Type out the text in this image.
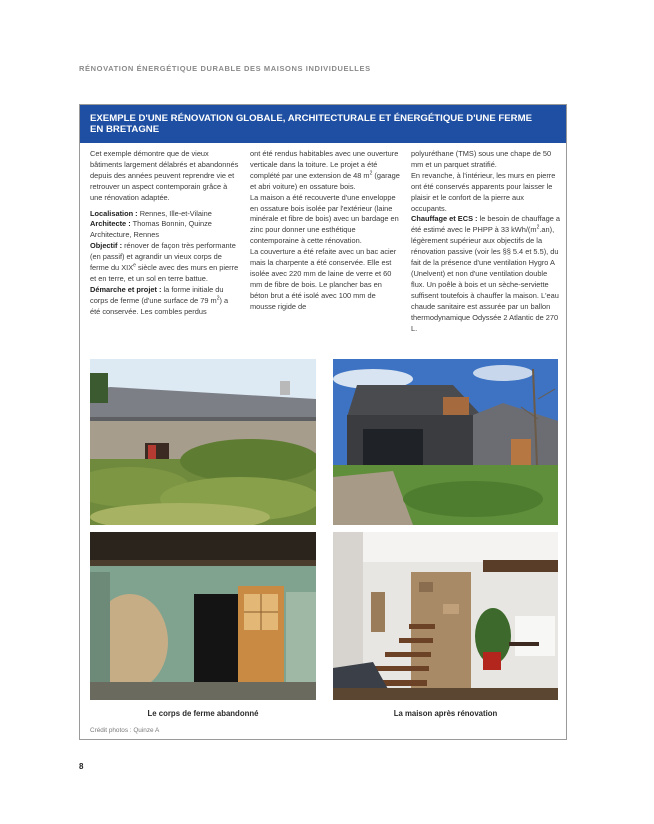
RÉNOVATION ÉNERGÉTIQUE DURABLE DES MAISONS INDIVIDUELLES
EXEMPLE D'UNE RÉNOVATION GLOBALE, ARCHITECTURALE ET ÉNERGÉTIQUE D'UNE FERME
EN BRETAGNE

Cet exemple démontre que de vieux bâtiments largement délabrés et abandonnés depuis des années peuvent reprendre vie et retrouver un aspect contemporain grâce à une rénovation adaptée.

Localisation : Rennes, Ille-et-Vilaine
Architecte : Thomas Bonnin, Quinze Architecture, Rennes
Objectif : rénover de façon très performante (en passif) et agrandir un vieux corps de ferme du XIXe siècle avec des murs en pierre et en terre, et un sol en terre battue.
Démarche et projet : la forme initiale du corps de ferme (d'une surface de 79 $m^2$) a été conservée. Les combles perdus
ont été rendus habitables avec une ouverture verticale dans la toiture. Le projet a été complété par une extension de 48 $m^2$ (garage et abri voiture) en ossature bois.
La maison a été recouverte d'une enveloppe en ossature bois isolée par l'extérieur (laine minérale et fibre de bois) avec un bardage en zinc pour donner une esthétique contemporaine à cette rénovation.
La couverture a été refaite avec un bac acier mais la charpente a été conservée. Elle est isolée avec 220 mm de laine de verre et 60 mm de fibre de bois. Le plancher bas en béton brut a été isolé avec 100 mm de mousse rigide de
polyuréthane (TMS) sous une chape de 50 mm et un parquet stratifié.
En revanche, à l'intérieur, les murs en pierre ont été conservés apparents pour laisser le plaisir et le confort de la pierre aux occupants.
Chauffage et ECS : le besoin de chauffage a été estimé avec le PHPP à 33 kWh/$(m^2.an)$, légèrement supérieur aux objectifs de la rénovation passive (voir les §§ 5.4 et 5.5), du fait de la présence d'une ventilation Hygro A (Unelvent) et non d'une ventilation double flux. Un poêle à bois et un sèche-serviette suffisent toutefois à chauffer la maison. L'eau chaude sanitaire est assurée par un ballon thermodynamique Odyssée 2 Atlantic de 270 L.
Le corps de ferme abandonné	La maison après rénovation
Crédit photos : Quinze A
8
